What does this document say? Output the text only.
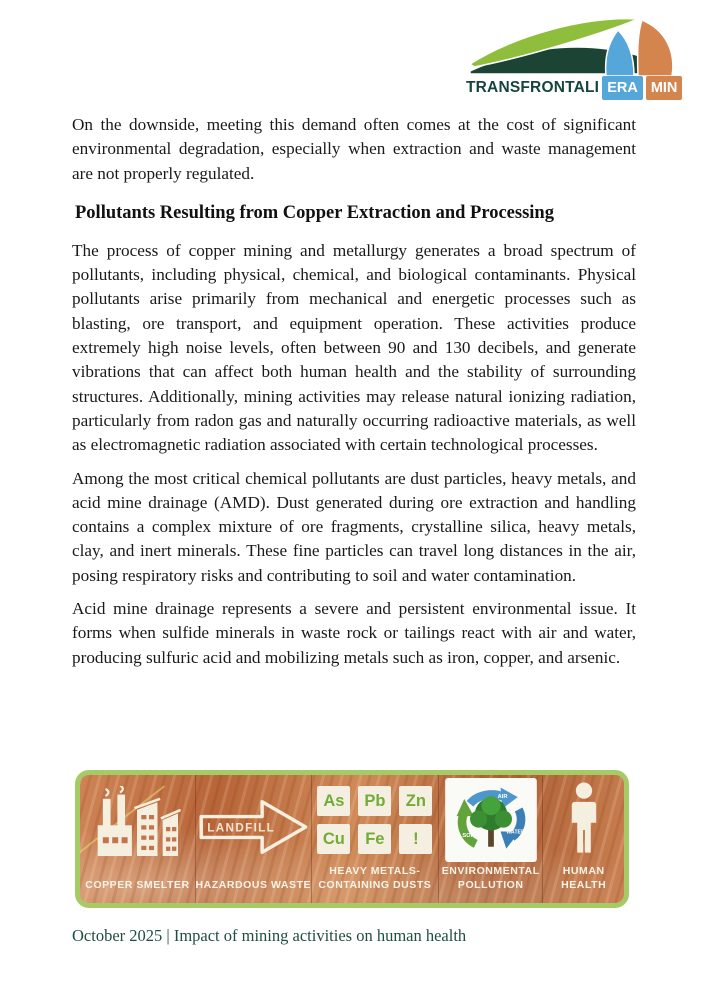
TRANSFRONTALI ERA MIN

On the downside, meeting this demand often comes at the cost of significant environmental degradation, especially when extraction and waste management are not properly regulated.

Pollutants Resulting from Copper Extraction and Processing

The process of copper mining and metallurgy generates a broad spectrum of pollutants, including physical, chemical, and biological contaminants. Physical pollutants arise primarily from mechanical and energetic processes such as blasting, ore transport, and equipment operation. These activities produce extremely high noise levels, often between 90 and 130 decibels, and generate vibrations that can affect both human health and the stability of surrounding structures. Additionally, mining activities may release natural ionizing radiation, particularly from radon gas and naturally occurring radioactive materials, as well as electromagnetic radiation associated with certain technological processes.

Among the most critical chemical pollutants are dust particles, heavy metals, and acid mine drainage (AMD). Dust generated during ore extraction and handling contains a complex mixture of ore fragments, crystalline silica, heavy metals, clay, and inert minerals. These fine particles can travel long distances in the air, posing respiratory risks and contributing to soil and water contamination.

Acid mine drainage represents a severe and persistent environmental issue. It forms when sulfide minerals in waste rock or tailings react with air and water, producing sulfuric acid and mobilizing metals such as iron, copper, and arsenic.

COPPER SMELTER
LANDFILL
HAZARDOUS WASTE
As	Pb	Zn
Cu	Fe	!
HEAVY METALS-
CONTAINING DUSTS
AIR
WATER
SOIL
ENVIRONMENTAL
POLLUTION
HUMAN
HEALTH
October 2025 | Impact of mining activities on human health
